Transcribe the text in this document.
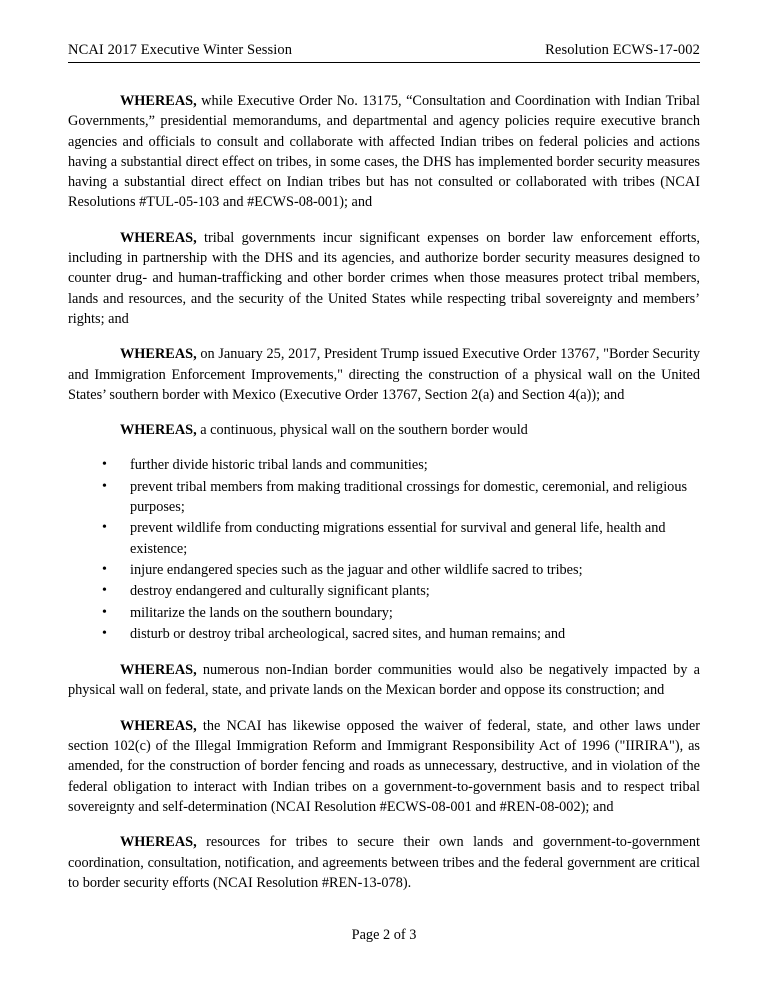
NCAI 2017 Executive Winter Session	Resolution ECWS-17-002

WHEREAS, while Executive Order No. 13175, “Consultation and Coordination with Indian Tribal Governments,” presidential memorandums, and departmental and agency policies require executive branch agencies and officials to consult and collaborate with affected Indian tribes on federal policies and actions having a substantial direct effect on tribes, in some cases, the DHS has implemented border security measures having a substantial direct effect on Indian tribes but has not consulted or collaborated with tribes (NCAI Resolutions #TUL-05-103 and #ECWS-08-001); and

WHEREAS, tribal governments incur significant expenses on border law enforcement efforts, including in partnership with the DHS and its agencies, and authorize border security measures designed to counter drug- and human-trafficking and other border crimes when those measures protect tribal members, lands and resources, and the security of the United States while respecting tribal sovereignty and members’ rights; and

WHEREAS, on January 25, 2017, President Trump issued Executive Order 13767, "Border Security and Immigration Enforcement Improvements," directing the construction of a physical wall on the United States’ southern border with Mexico (Executive Order 13767, Section 2(a) and Section 4(a)); and

WHEREAS, a continuous, physical wall on the southern border would

• further divide historic tribal lands and communities;
• prevent tribal members from making traditional crossings for domestic, ceremonial, and religious purposes;
• prevent wildlife from conducting migrations essential for survival and general life, health and existence;
• injure endangered species such as the jaguar and other wildlife sacred to tribes;
• destroy endangered and culturally significant plants;
• militarize the lands on the southern boundary;
• disturb or destroy tribal archeological, sacred sites, and human remains; and

WHEREAS, numerous non-Indian border communities would also be negatively impacted by a physical wall on federal, state, and private lands on the Mexican border and oppose its construction; and

WHEREAS, the NCAI has likewise opposed the waiver of federal, state, and other laws under section 102(c) of the Illegal Immigration Reform and Immigrant Responsibility Act of 1996 ("IIRIRA"), as amended, for the construction of border fencing and roads as unnecessary, destructive, and in violation of the federal obligation to interact with Indian tribes on a government-to-government basis and to respect tribal sovereignty and self-determination (NCAI Resolution #ECWS-08-001 and #REN-08-002); and

WHEREAS, resources for tribes to secure their own lands and government-to-government coordination, consultation, notification, and agreements between tribes and the federal government are critical to border security efforts (NCAI Resolution #REN-13-078).

Page 2 of 3
